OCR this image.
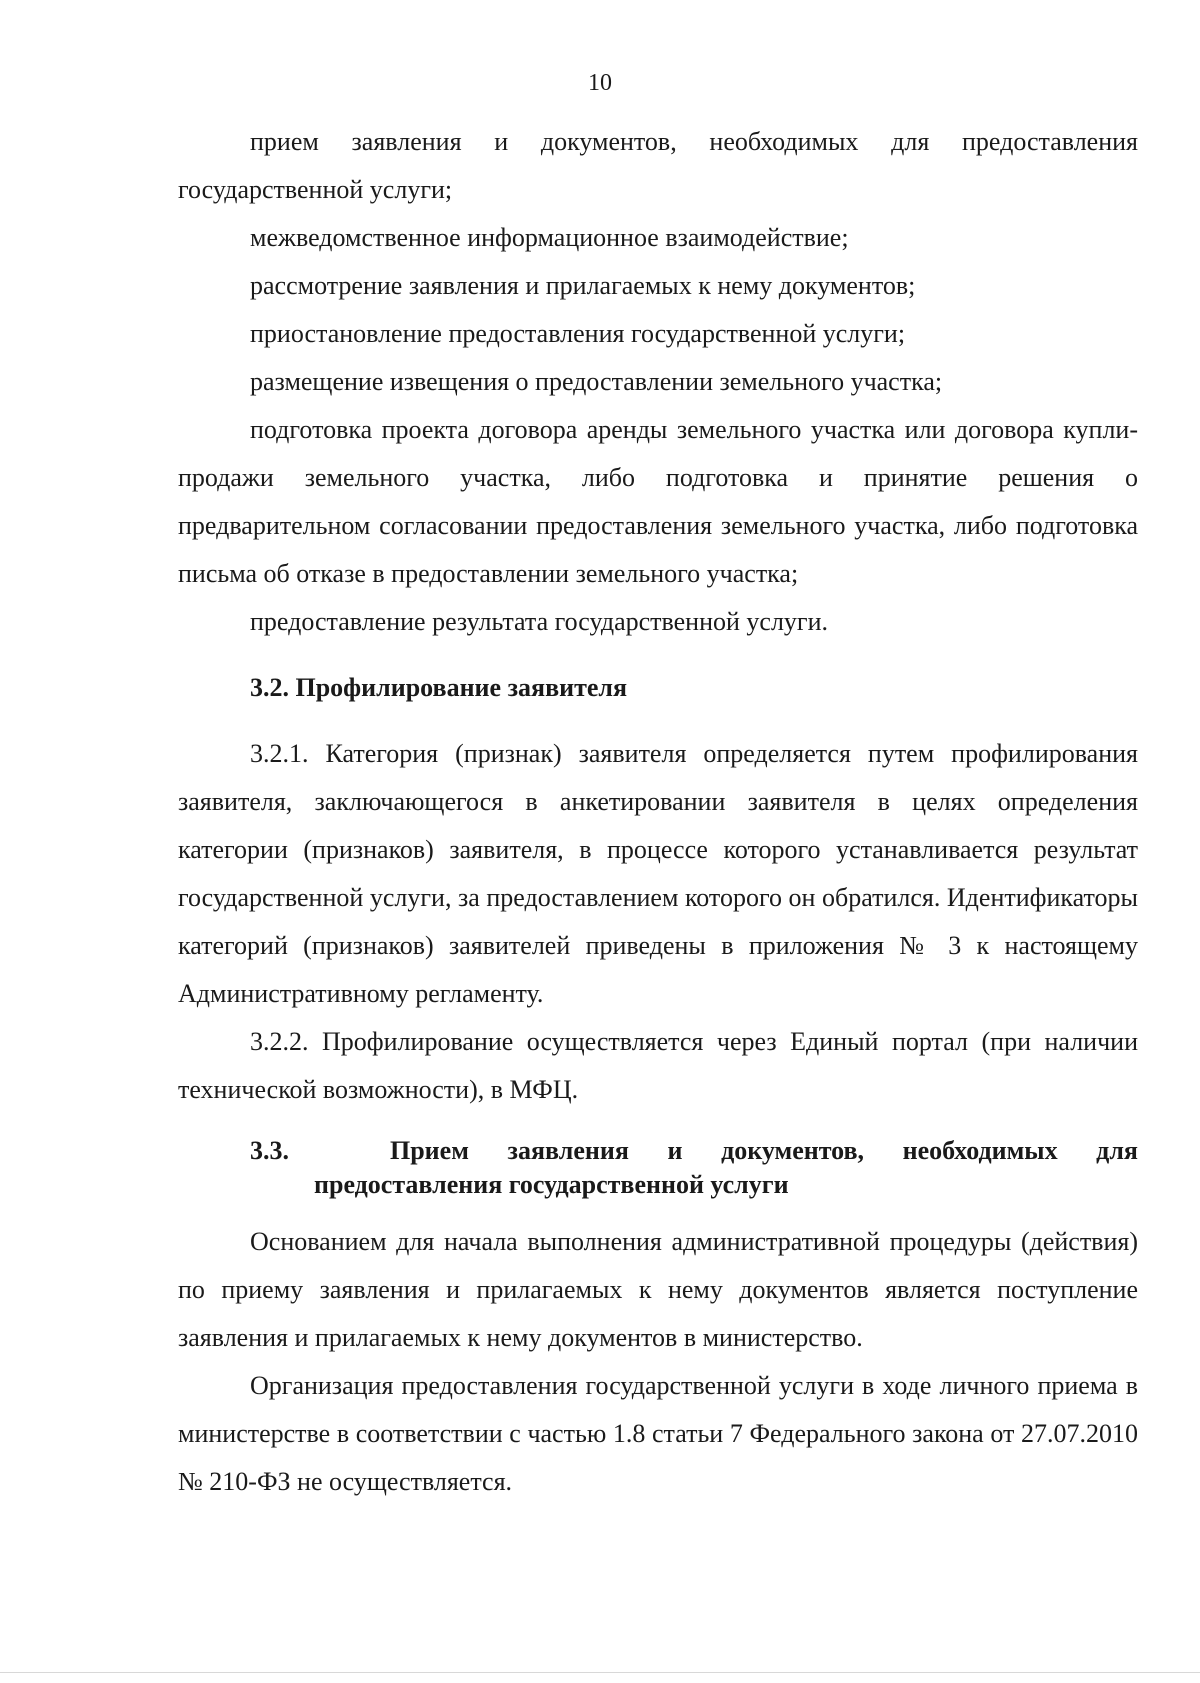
10

прием заявления и документов, необходимых для предоставления государственной услуги;

межведомственное информационное взаимодействие;

рассмотрение заявления и прилагаемых к нему документов;

приостановление предоставления государственной услуги;

размещение извещения о предоставлении земельного участка;

подготовка проекта договора аренды земельного участка или договора купли-продажи земельного участка, либо подготовка и принятие решения о предварительном согласовании предоставления земельного участка, либо подготовка письма об отказе в предоставлении земельного участка;

предоставление результата государственной услуги.

3.2. Профилирование заявителя

3.2.1. Категория (признак) заявителя определяется путем профилирования заявителя, заключающегося в анкетировании заявителя в целях определения категории (признаков) заявителя, в процессе которого устанавливается результат государственной услуги, за предоставлением которого он обратился. Идентификаторы категорий (признаков) заявителей приведены в приложения № 3 к настоящему Административному регламенту.

3.2.2. Профилирование осуществляется через Единый портал (при наличии технической возможности), в МФЦ.

3.3.	Прием заявления и документов, необходимых для
предоставления государственной услуги

Основанием для начала выполнения административной процедуры (действия) по приему заявления и прилагаемых к нему документов является поступление заявления и прилагаемых к нему документов в министерство.

Организация предоставления государственной услуги в ходе личного приема в министерстве в соответствии с частью 1.8 статьи 7 Федерального закона от 27.07.2010 № 210-ФЗ не осуществляется.
